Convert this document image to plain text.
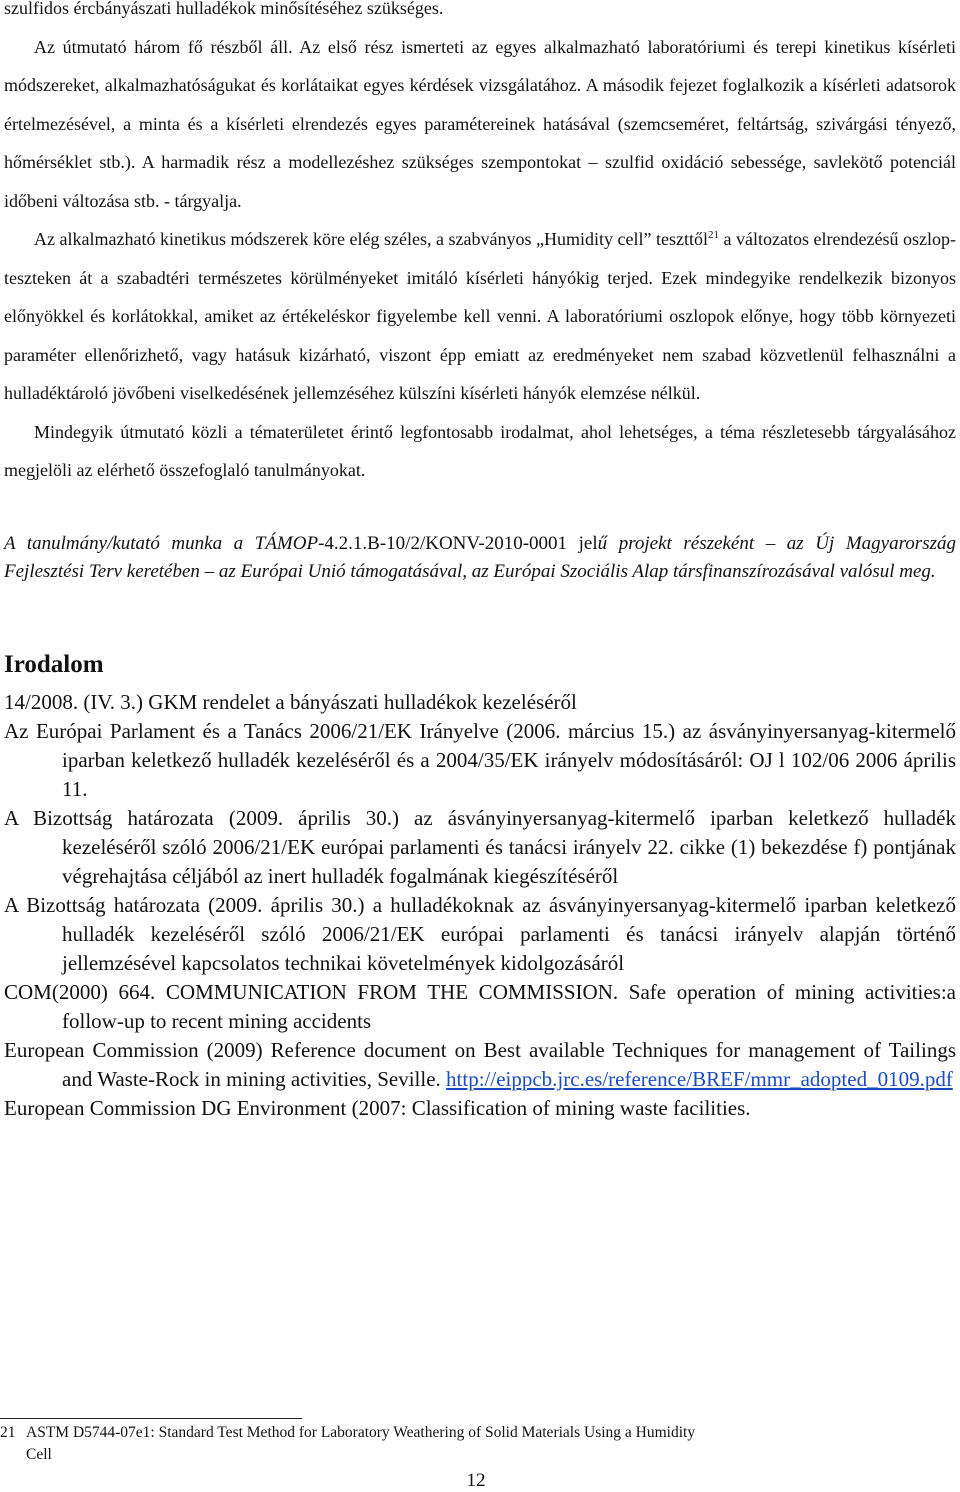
szulfidos ércbányászati hulladékok minősítéséhez szükséges.

Az útmutató három fő részből áll. Az első rész ismerteti az egyes alkalmazható laboratóriumi és terepi kinetikus kísérleti módszereket, alkalmazhatóságukat és korlátaikat egyes kérdések vizsgálatához. A második fejezet foglalkozik a kísérleti adatsorok értelmezésével, a minta és a kísérleti elrendezés egyes paramétereinek hatásával (szemcseméret, feltártság, szivárgási tényező, hőmérséklet stb.). A harmadik rész a modellezéshez szükséges szempontokat – szulfid oxidáció sebessége, savlekötő potenciál időbeni változása stb. - tárgyalja.

Az alkalmazható kinetikus módszerek köre elég széles, a szabványos „Humidity cell” teszttől$^{21}$ a változatos elrendezésű oszlop-teszteken át a szabadtéri természetes körülményeket imitáló kísérleti hányókig terjed. Ezek mindegyike rendelkezik bizonyos előnyökkel és korlátokkal, amiket az értékeléskor figyelembe kell venni. A laboratóriumi oszlopok előnye, hogy több környezeti paraméter ellenőrizhető, vagy hatásuk kizárható, viszont épp emiatt az eredményeket nem szabad közvetlenül felhasználni a hulladéktároló jövőbeni viselkedésének jellemzéséhez külszíni kísérleti hányók elemzése nélkül.

Mindegyik útmutató közli a tématerületet érintő legfontosabb irodalmat, ahol lehetséges, a téma részletesebb tárgyalásához megjelöli az elérhető összefoglaló tanulmányokat.

A tanulmány/kutató munka a TÁMOP-4.2.1.B-10/2/KONV-2010-0001 jelű projekt részeként – az Új Magyarország Fejlesztési Terv keretében – az Európai Unió támogatásával, az Európai Szociális Alap társfinanszírozásával valósul meg.

Irodalom

14/2008. (IV. 3.) GKM rendelet a bányászati hulladékok kezeléséről

Az Európai Parlament és a Tanács 2006/21/EK Irányelve (2006. március 15.) az ásványinyersanyag-kitermelő iparban keletkező hulladék kezeléséről és a 2004/35/EK irányelv módosításáról: OJ l 102/06 2006 április 11.

A Bizottság határozata (2009. április 30.) az ásványinyersanyag-kitermelő iparban keletkező hulladék kezeléséről szóló 2006/21/EK európai parlamenti és tanácsi irányelv 22. cikke (1) bekezdése f) pontjának végrehajtása céljából az inert hulladék fogalmának kiegészítéséről

A Bizottság határozata (2009. április 30.) a hulladékoknak az ásványinyersanyag-kitermelő iparban keletkező hulladék kezeléséről szóló 2006/21/EK európai parlamenti és tanácsi irányelv alapján történő jellemzésével kapcsolatos technikai követelmények kidolgozásáról

COM(2000) 664. COMMUNICATION FROM THE COMMISSION. Safe operation of mining activities:a follow-up to recent mining accidents

European Commission (2009) Reference document on Best available Techniques for management of Tailings and Waste-Rock in mining activities, Seville. http://eippcb.jrc.es/reference/BREF/mmr_adopted_0109.pdf

European Commission DG Environment (2007: Classification of mining waste facilities.

21 ASTM D5744-07e1: Standard Test Method for Laboratory Weathering of Solid Materials Using a Humidity
Cell
12
